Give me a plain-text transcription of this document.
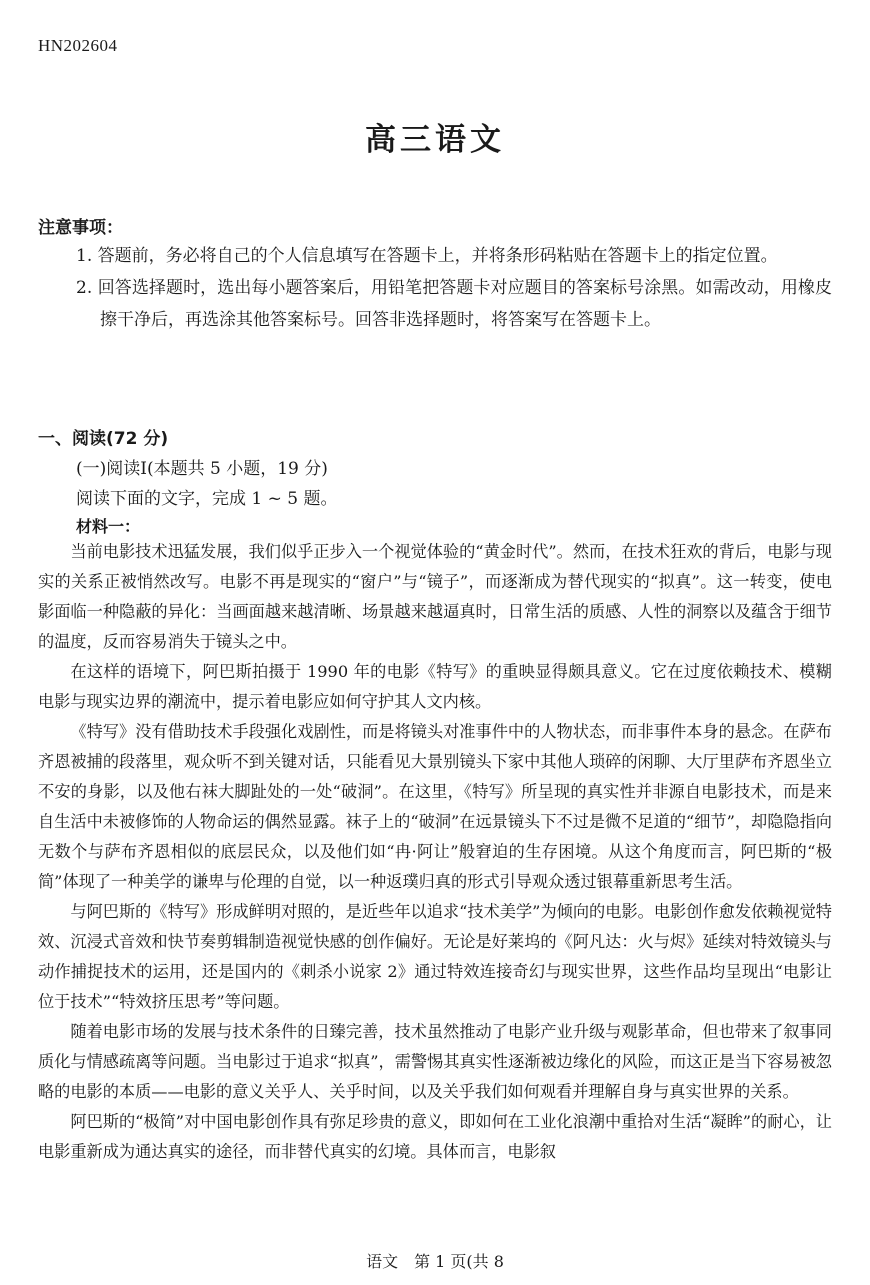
HN202604
高三语文
注意事项：

1. 答题前，务必将自己的个人信息填写在答题卡上，并将条形码粘贴在答题卡上的指定位置。

2. 回答选择题时，选出每小题答案后，用铅笔把答题卡对应题目的答案标号涂黑。如需改动，用橡皮擦干净后，再选涂其他答案标号。回答非选择题时，将答案写在答题卡上。

一、阅读(72 分)
(一)阅读Ⅰ(本题共 5 小题，19 分)
阅读下面的文字，完成 1 ~ 5 题。
材料一：

当前电影技术迅猛发展，我们似乎正步入一个视觉体验的“黄金时代”。然而，在技术狂欢的背后，电影与现实的关系正被悄然改写。电影不再是现实的“窗户”与“镜子”，而逐渐成为替代现实的“拟真”。这一转变，使电影面临一种隐蔽的异化：当画面越来越清晰、场景越来越逼真时，日常生活的质感、人性的洞察以及蕴含于细节的温度，反而容易消失于镜头之中。

在这样的语境下，阿巴斯拍摄于 1990 年的电影《特写》的重映显得颇具意义。它在过度依赖技术、模糊电影与现实边界的潮流中，提示着电影应如何守护其人文内核。

《特写》没有借助技术手段强化戏剧性，而是将镜头对准事件中的人物状态，而非事件本身的悬念。在萨布齐恩被捕的段落里，观众听不到关键对话，只能看见大景别镜头下家中其他人琐碎的闲聊、大厅里萨布齐恩坐立不安的身影，以及他右袜大脚趾处的一处“破洞”。在这里，《特写》所呈现的真实性并非源自电影技术，而是来自生活中未被修饰的人物命运的偶然显露。袜子上的“破洞”在远景镜头下不过是微不足道的“细节”，却隐隐指向无数个与萨布齐恩相似的底层民众，以及他们如“冉·阿让”般窘迫的生存困境。从这个角度而言，阿巴斯的“极简”体现了一种美学的谦卑与伦理的自觉，以一种返璞归真的形式引导观众透过银幕重新思考生活。

与阿巴斯的《特写》形成鲜明对照的，是近些年以追求“技术美学”为倾向的电影。电影创作愈发依赖视觉特效、沉浸式音效和快节奏剪辑制造视觉快感的创作偏好。无论是好莱坞的《阿凡达：火与烬》延续对特效镜头与动作捕捉技术的运用，还是国内的《刺杀小说家 2》通过特效连接奇幻与现实世界，这些作品均呈现出“电影让位于技术”“特效挤压思考”等问题。

随着电影市场的发展与技术条件的日臻完善，技术虽然推动了电影产业升级与观影革命，但也带来了叙事同质化与情感疏离等问题。当电影过于追求“拟真”，需警惕其真实性逐渐被边缘化的风险，而这正是当下容易被忽略的电影的本质——电影的意义关乎人、关乎时间，以及关乎我们如何观看并理解自身与真实世界的关系。

阿巴斯的“极简”对中国电影创作具有弥足珍贵的意义，即如何在工业化浪潮中重拾对生活“凝眸”的耐心，让电影重新成为通达真实的途径，而非替代真实的幻境。具体而言，电影叙

语文　第 1 页(共 8
